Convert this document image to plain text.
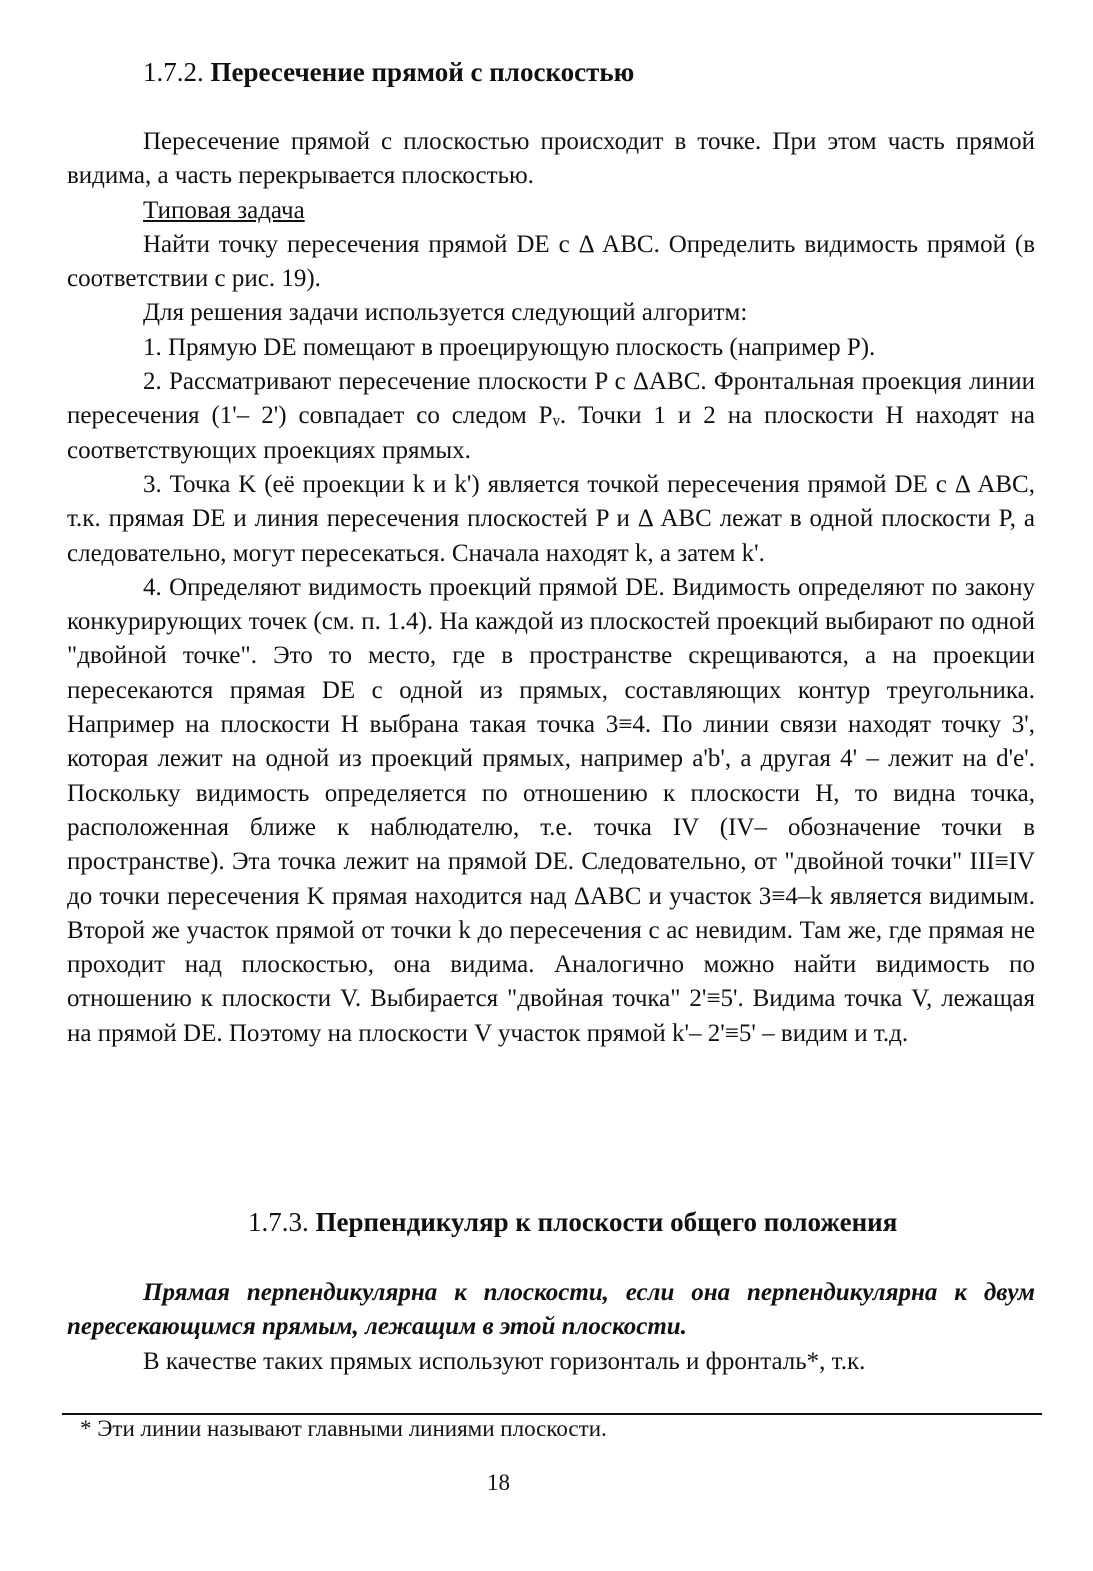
1.7.2. Пересечение прямой с плоскостью

Пересечение прямой с плоскостью происходит в точке. При этом часть прямой видима, а часть перекрывается плоскостью.

Типовая задача

Найти точку пересечения прямой DE с Δ ABC. Определить видимость прямой (в соответствии с рис. 19).

Для решения задачи используется следующий алгоритм:

1. Прямую DE помещают в проецирующую плоскость (например P).

2. Рассматривают пересечение плоскости P с ΔABC. Фронтальная проекция линии пересечения (1'– 2') совпадает со следом Pᵥ. Точки 1 и 2 на плоскости H находят на соответствующих проекциях прямых.

3. Точка K (её проекции k и k') является точкой пересечения прямой DE с Δ ABC, т.к. прямая DE и линия пересечения плоскостей P и Δ ABC лежат в одной плоскости P, а следовательно, могут пересекаться. Сначала находят k, а затем k'.

4. Определяют видимость проекций прямой DE. Видимость определяют по закону конкурирующих точек (см. п. 1.4). На каждой из плоскостей проекций выбирают по одной "двойной точке". Это то место, где в пространстве скрещиваются, а на проекции пересекаются прямая DE с одной из прямых, составляющих контур треугольника. Например на плоскости H выбрана такая точка 3≡4. По линии связи находят точку 3', которая лежит на одной из проекций прямых, например a'b', а другая 4' – лежит на d'e'. Поскольку видимость определяется по отношению к плоскости H, то видна точка, расположенная ближе к наблюдателю, т.е. точка IV (IV– обозначение точки в пространстве). Эта точка лежит на прямой DE. Следовательно, от "двойной точки" III≡IV до точки пересечения K прямая находится над ΔABC и участок 3≡4–k является видимым. Второй же участок прямой от точки k до пересечения с ac невидим. Там же, где прямая не проходит над плоскостью, она видима. Аналогично можно найти видимость по отношению к плоскости V. Выбирается "двойная точка" 2'≡5'. Видима точка V, лежащая на прямой DE. Поэтому на плоскости V участок прямой k'– 2'≡5' – видим и т.д.

1.7.3. Перпендикуляр к плоскости общего положения

Прямая перпендикулярна к плоскости, если она перпендикулярна к двум пересекающимся прямым, лежащим в этой плоскости.

В качестве таких прямых используют горизонталь и фронталь*, т.к.

* Эти линии называют главными линиями плоскости.
18
